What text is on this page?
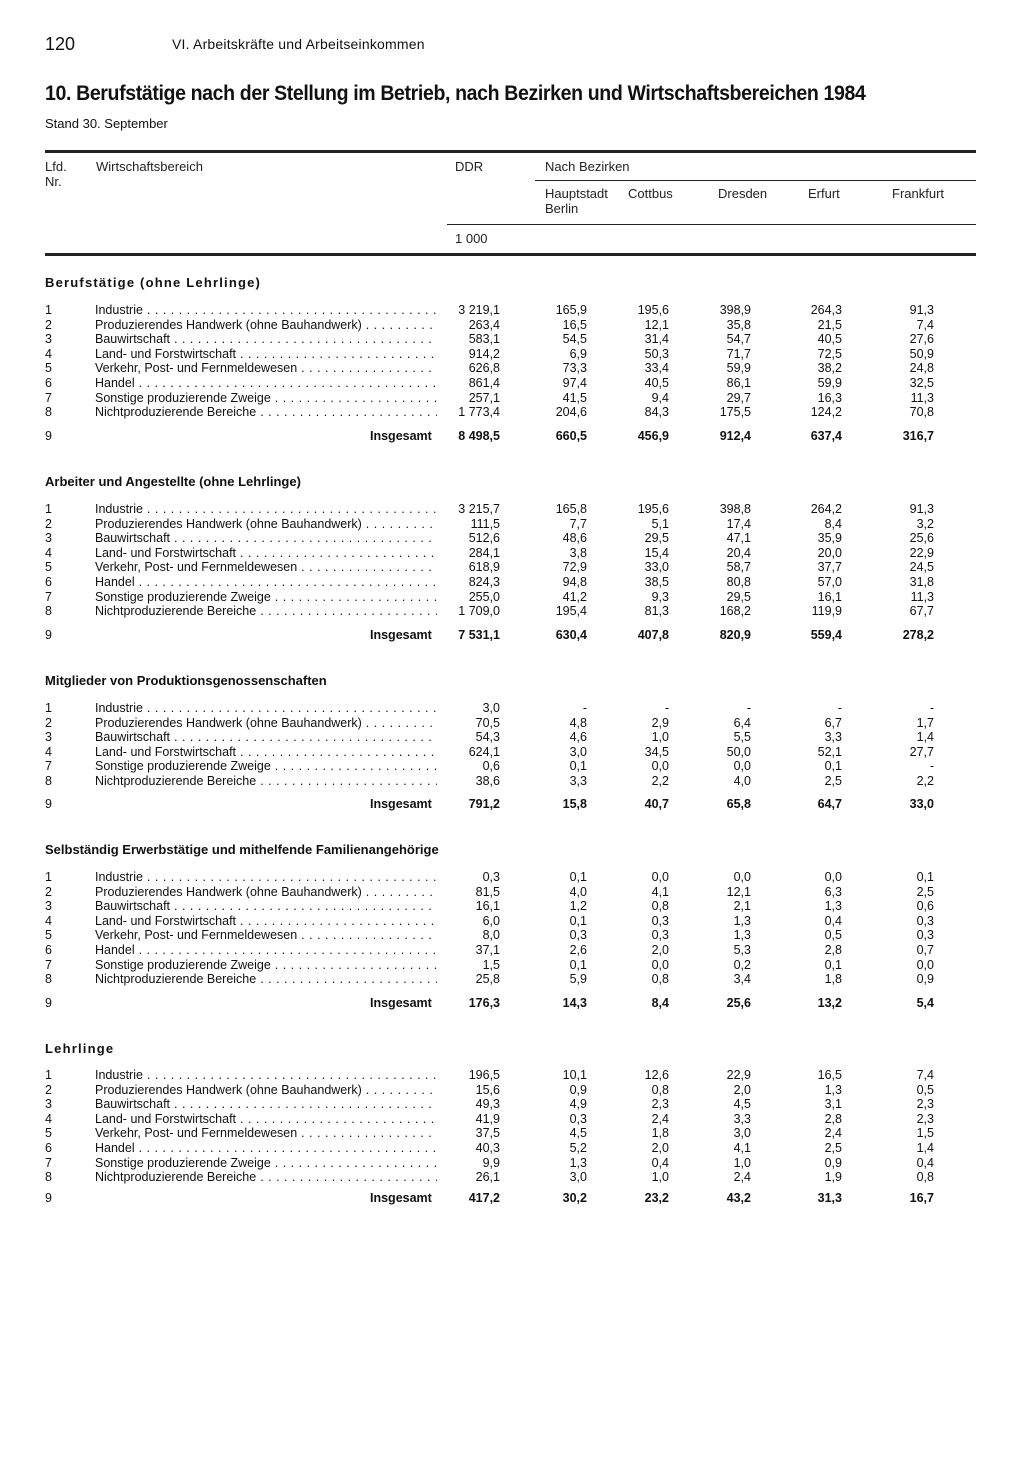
120	VI. Arbeitskräfte und Arbeitseinkommen
10. Berufstätige nach der Stellung im Betrieb, nach Bezirken und Wirtschaftsbereichen 1984
Stand 30. September
Lfd.
Nr.
Wirtschaftsbereich	DDR	Nach Bezirken
Hauptstadt
Berlin
Cottbus	Dresden	Erfurt	Frankfurt
1 000
Berufstätige (ohne Lehrlinge)
1	Industrie . . .	3 219,1	165,9	195,6	398,9	264,3	91,3
2	Produzierendes Handwerk (ohne Bauhandwerk) . . .	263,4	16,5	12,1	35,8	21,5	7,4
3	Bauwirtschaft . . .	583,1	54,5	31,4	54,7	40,5	27,6
4	Land- und Forstwirtschaft . . .	914,2	6,9	50,3	71,7	72,5	50,9
5	Verkehr, Post- und Fernmeldewesen . . .	626,8	73,3	33,4	59,9	38,2	24,8
6	Handel . . .	861,4	97,4	40,5	86,1	59,9	32,5
7	Sonstige produzierende Zweige . . .	257,1	41,5	9,4	29,7	16,3	11,3
8	Nichtproduzierende Bereiche . . .	1 773,4	204,6	84,3	175,5	124,2	70,8
9	Insgesamt 8 498,5	660,5	456,9	912,4	637,4	316,7
Arbeiter und Angestellte (ohne Lehrlinge)
1	Industrie . . .	3 215,7	165,8	195,6	398,8	264,2	91,3
2	Produzierendes Handwerk (ohne Bauhandwerk) . . .	111,5	7,7	5,1	17,4	8,4	3,2
3	Bauwirtschaft . . .	512,6	48,6	29,5	47,1	35,9	25,6
4	Land- und Forstwirtschaft . . .	284,1	3,8	15,4	20,4	20,0	22,9
5	Verkehr, Post- und Fernmeldewesen . . .	618,9	72,9	33,0	58,7	37,7	24,5
6	Handel . . .	824,3	94,8	38,5	80,8	57,0	31,8
7	Sonstige produzierende Zweige . . .	255,0	41,2	9,3	29,5	16,1	11,3
8	Nichtproduzierende Bereiche . . .	1 709,0	195,4	81,3	168,2	119,9	67,7
9	Insgesamt 7 531,1	630,4	407,8	820,9	559,4	278,2
Mitglieder von Produktionsgenossenschaften
1	Industrie . . .	3,0	-	-	-	-	-
2	Produzierendes Handwerk (ohne Bauhandwerk) . . .	70,5	4,8	2,9	6,4	6,7	1,7
3	Bauwirtschaft . . .	54,3	4,6	1,0	5,5	3,3	1,4
4	Land- und Forstwirtschaft . . .	624,1	3,0	34,5	50,0	52,1	27,7
7	Sonstige produzierende Zweige . . .	0,6	0,1	0,0	0,0	0,1	-
8	Nichtproduzierende Bereiche . . .	38,6	3,3	2,2	4,0	2,5	2,2
9	Insgesamt	791,2	15,8	40,7	65,8	64,7	33,0
Selbständig Erwerbstätige und mithelfende Familienangehörige
1	Industrie . . .	0,3	0,1	0,0	0,0	0,0	0,1
2	Produzierendes Handwerk (ohne Bauhandwerk) . . .	81,5	4,0	4,1	12,1	6,3	2,5
3	Bauwirtschaft . . .	16,1	1,2	0,8	2,1	1,3	0,6
4	Land- und Forstwirtschaft . . .	6,0	0,1	0,3	1,3	0,4	0,3
5	Verkehr, Post- und Fernmeldewesen . . .	8,0	0,3	0,3	1,3	0,5	0,3
6	Handel . . .	37,1	2,6	2,0	5,3	2,8	0,7
7	Sonstige produzierende Zweige . . .	1,5	0,1	0,0	0,2	0,1	0,0
8	Nichtproduzierende Bereiche . . .	25,8	5,9	0,8	3,4	1,8	0,9
9	Insgesamt	176,3	14,3	8,4	25,6	13,2	5,4
Lehrlinge
1	Industrie . . .	196,5	10,1	12,6	22,9	16,5	7,4
2	Produzierendes Handwerk (ohne Bauhandwerk) . . .	15,6	0,9	0,8	2,0	1,3	0,5
3	Bauwirtschaft . . .	49,3	4,9	2,3	4,5	3,1	2,3
4	Land- und Forstwirtschaft . . .	41,9	0,3	2,4	3,3	2,8	2,3
5	Verkehr, Post- und Fernmeldewesen . . .	37,5	4,5	1,8	3,0	2,4	1,5
6	Handel . . .	40,3	5,2	2,0	4,1	2,5	1,4
7	Sonstige produzierende Zweige . . .	9,9	1,3	0,4	1,0	0,9	0,4
8	Nichtproduzierende Bereiche . . .	26,1	3,0	1,0	2,4	1,9	0,8
9	Insgesamt	417,2	30,2	23,2	43,2	31,3	16,7
